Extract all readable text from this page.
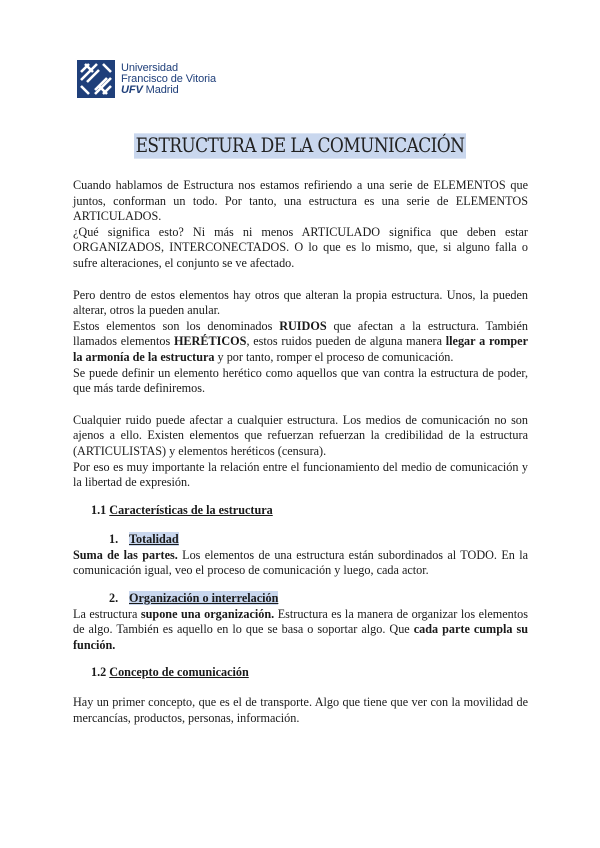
Universidad
Francisco de Vitoria
UFV Madrid
ESTRUCTURA DE LA COMUNICACIÓN

Cuando hablamos de Estructura nos estamos refiriendo a una serie de ELEMENTOS que juntos, conforman un todo. Por tanto, una estructura es una serie de ELEMENTOS ARTICULADOS.

¿Qué significa esto? Ni más ni menos ARTICULADO significa que deben estar ORGANIZADOS, INTERCONECTADOS. O lo que es lo mismo, que, si alguno falla o sufre alteraciones, el conjunto se ve afectado.

Pero dentro de estos elementos hay otros que alteran la propia estructura. Unos, la pueden alterar, otros la pueden anular.

Estos elementos son los denominados RUIDOS que afectan a la estructura. También llamados elementos HERÉTICOS, estos ruidos pueden de alguna manera llegar a romper la armonía de la estructura y por tanto, romper el proceso de comunicación.

Se puede definir un elemento herético como aquellos que van contra la estructura de poder, que más tarde definiremos.

Cualquier ruido puede afectar a cualquier estructura. Los medios de comunicación no son ajenos a ello. Existen elementos que refuerzan refuerzan la credibilidad de la estructura (ARTICULISTAS) y elementos heréticos (censura).

Por eso es muy importante la relación entre el funcionamiento del medio de comunicación y la libertad de expresión.

1.1 Características de la estructura

1. Totalidad

Suma de las partes. Los elementos de una estructura están subordinados al TODO. En la comunicación igual, veo el proceso de comunicación y luego, cada actor.

2. Organización o interrelación

La estructura supone una organización. Estructura es la manera de organizar los elementos de algo. También es aquello en lo que se basa o soportar algo. Que cada parte cumpla su función.

1.2 Concepto de comunicación

Hay un primer concepto, que es el de transporte. Algo que tiene que ver con la movilidad de mercancías, productos, personas, información.
